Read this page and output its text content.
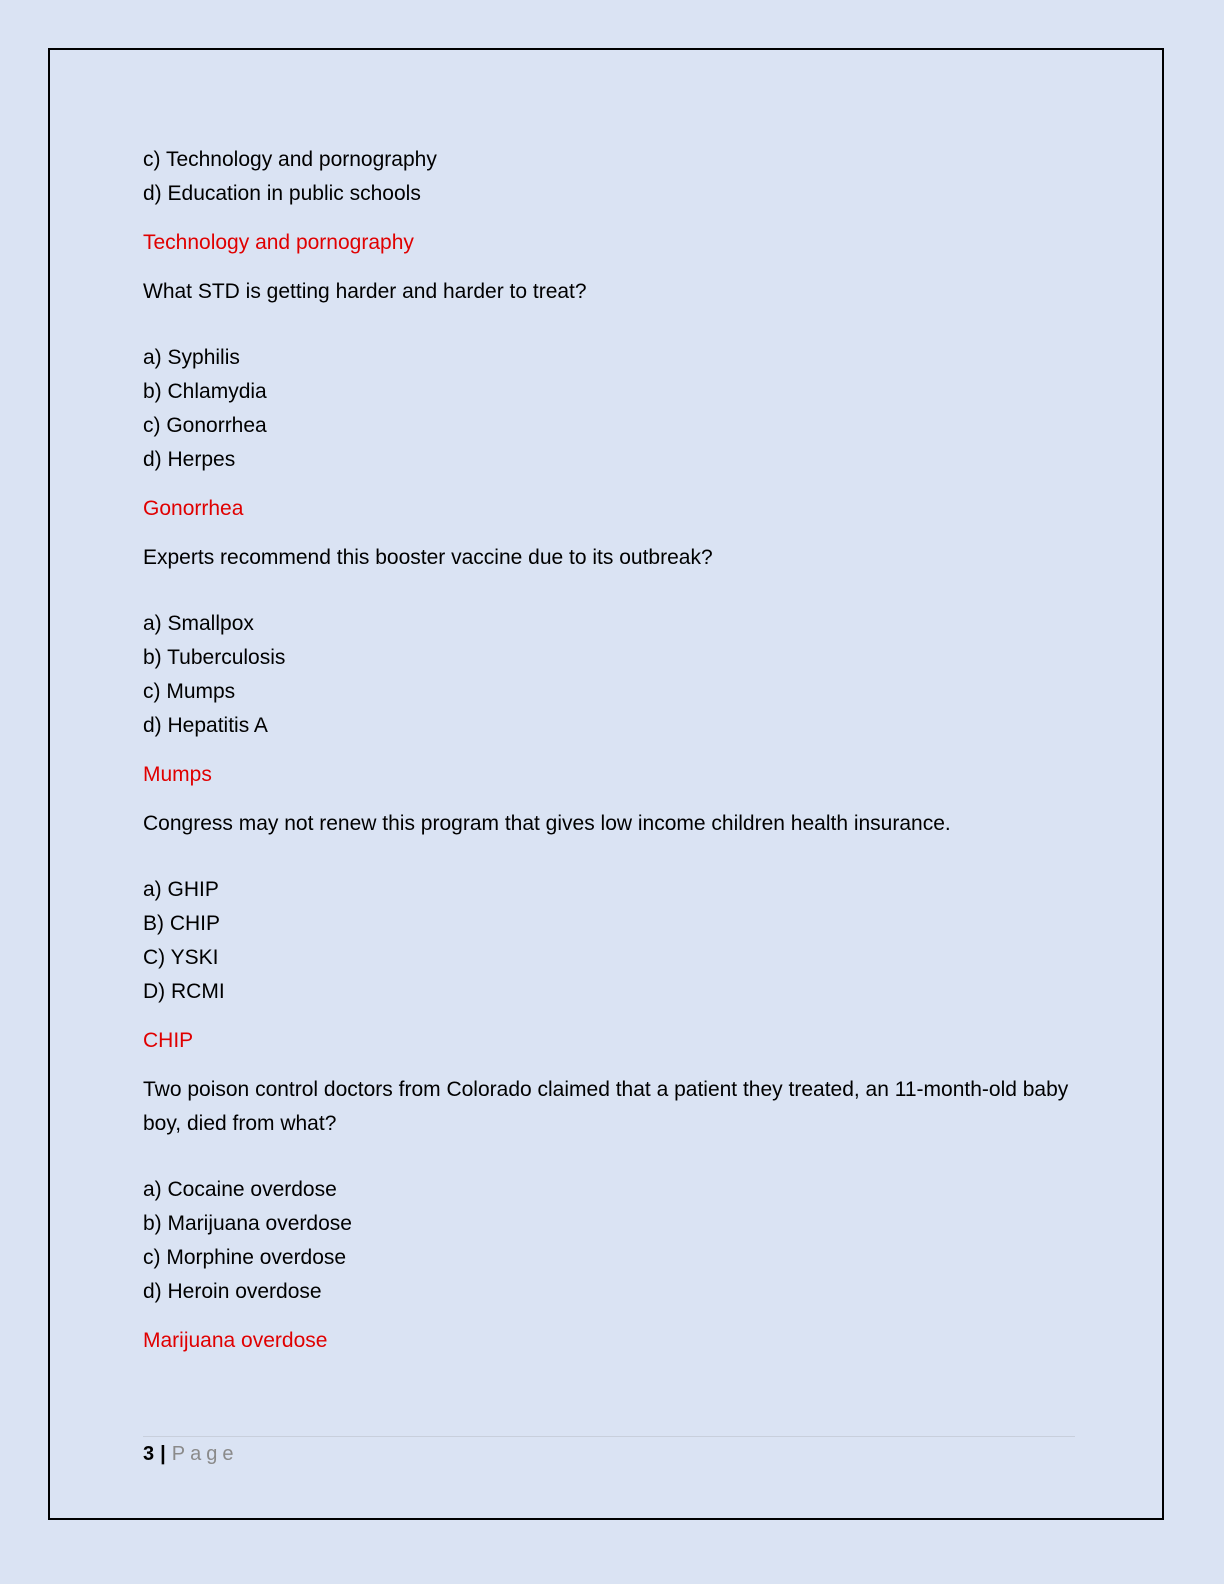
c) Technology and pornography
d) Education in public schools
Technology and pornography
What STD is getting harder and harder to treat?
a) Syphilis
b) Chlamydia
c) Gonorrhea
d) Herpes
Gonorrhea
Experts recommend this booster vaccine due to its outbreak?
a) Smallpox
b) Tuberculosis
c) Mumps
d) Hepatitis A
Mumps
Congress may not renew this program that gives low income children health insurance.
a) GHIP
B) CHIP
C) YSKI
D) RCMI
CHIP
Two poison control doctors from Colorado claimed that a patient they treated, an 11-month-old baby boy, died from what?
a) Cocaine overdose
b) Marijuana overdose
c) Morphine overdose
d) Heroin overdose
Marijuana overdose
3 | Page
